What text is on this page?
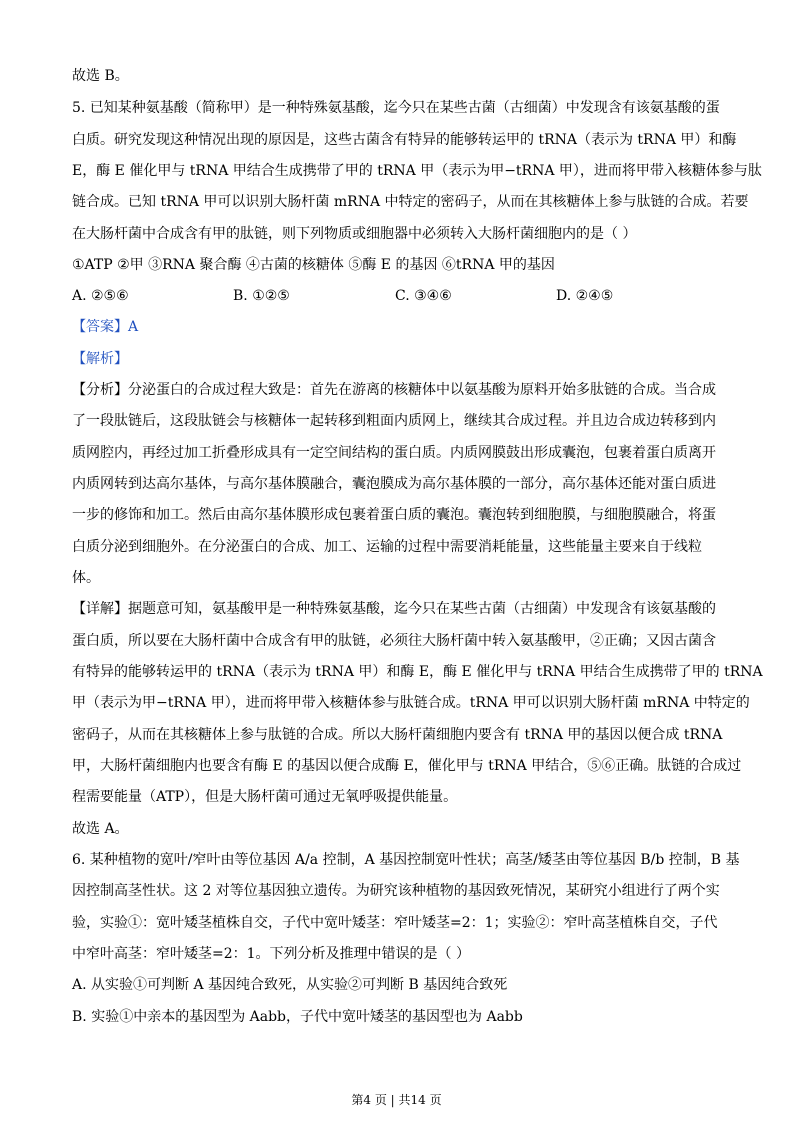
故选 B。
5. 已知某种氨基酸（简称甲）是一种特殊氨基酸，迄今只在某些古菌（古细菌）中发现含有该氨基酸的蛋
白质。研究发现这种情况出现的原因是，这些古菌含有特异的能够转运甲的 tRNA（表示为 tRNA 甲）和酶
E，酶 E 催化甲与 tRNA 甲结合生成携带了甲的 tRNA 甲（表示为甲−tRNA 甲），进而将甲带入核糖体参与肽
链合成。已知 tRNA 甲可以识别大肠杆菌 mRNA 中特定的密码子，从而在其核糖体上参与肽链的合成。若要
在大肠杆菌中合成含有甲的肽链，则下列物质或细胞器中必须转入大肠杆菌细胞内的是（ ）
①ATP ②甲 ③RNA 聚合酶 ④古菌的核糖体 ⑤酶 E 的基因 ⑥tRNA 甲的基因
A. ②⑤⑥	B. ①②⑤	C. ③④⑥	D. ②④⑤
【答案】A
【解析】
【分析】分泌蛋白的合成过程大致是：首先在游离的核糖体中以氨基酸为原料开始多肽链的合成。当合成
了一段肽链后，这段肽链会与核糖体一起转移到粗面内质网上，继续其合成过程。并且边合成边转移到内
质网腔内，再经过加工折叠形成具有一定空间结构的蛋白质。内质网膜鼓出形成囊泡，包裹着蛋白质离开
内质网转到达高尔基体，与高尔基体膜融合，囊泡膜成为高尔基体膜的一部分，高尔基体还能对蛋白质进
一步的修饰和加工。然后由高尔基体膜形成包裹着蛋白质的囊泡。囊泡转到细胞膜，与细胞膜融合，将蛋
白质分泌到细胞外。在分泌蛋白的合成、加工、运输的过程中需要消耗能量，这些能量主要来自于线粒
体。
【详解】据题意可知，氨基酸甲是一种特殊氨基酸，迄今只在某些古菌（古细菌）中发现含有该氨基酸的
蛋白质，所以要在大肠杆菌中合成含有甲的肽链，必须往大肠杆菌中转入氨基酸甲，②正确；又因古菌含
有特异的能够转运甲的 tRNA（表示为 tRNA 甲）和酶 E，酶 E 催化甲与 tRNA 甲结合生成携带了甲的 tRNA
甲（表示为甲−tRNA 甲），进而将甲带入核糖体参与肽链合成。tRNA 甲可以识别大肠杆菌 mRNA 中特定的
密码子，从而在其核糖体上参与肽链的合成。所以大肠杆菌细胞内要含有 tRNA 甲的基因以便合成 tRNA
甲，大肠杆菌细胞内也要含有酶 E 的基因以便合成酶 E，催化甲与 tRNA 甲结合，⑤⑥正确。肽链的合成过
程需要能量（ATP），但是大肠杆菌可通过无氧呼吸提供能量。
故选 A。
6. 某种植物的宽叶/窄叶由等位基因 A/a 控制，A 基因控制宽叶性状；高茎/矮茎由等位基因 B/b 控制，B 基
因控制高茎性状。这 2 对等位基因独立遗传。为研究该种植物的基因致死情况，某研究小组进行了两个实
验，实验①：宽叶矮茎植株自交，子代中宽叶矮茎：窄叶矮茎=2：1；实验②：窄叶高茎植株自交，子代
中窄叶高茎：窄叶矮茎=2：1。下列分析及推理中错误的是（ ）
A. 从实验①可判断 A 基因纯合致死，从实验②可判断 B 基因纯合致死
B. 实验①中亲本的基因型为 Aabb，子代中宽叶矮茎的基因型也为 Aabb
第4 页 | 共14 页
